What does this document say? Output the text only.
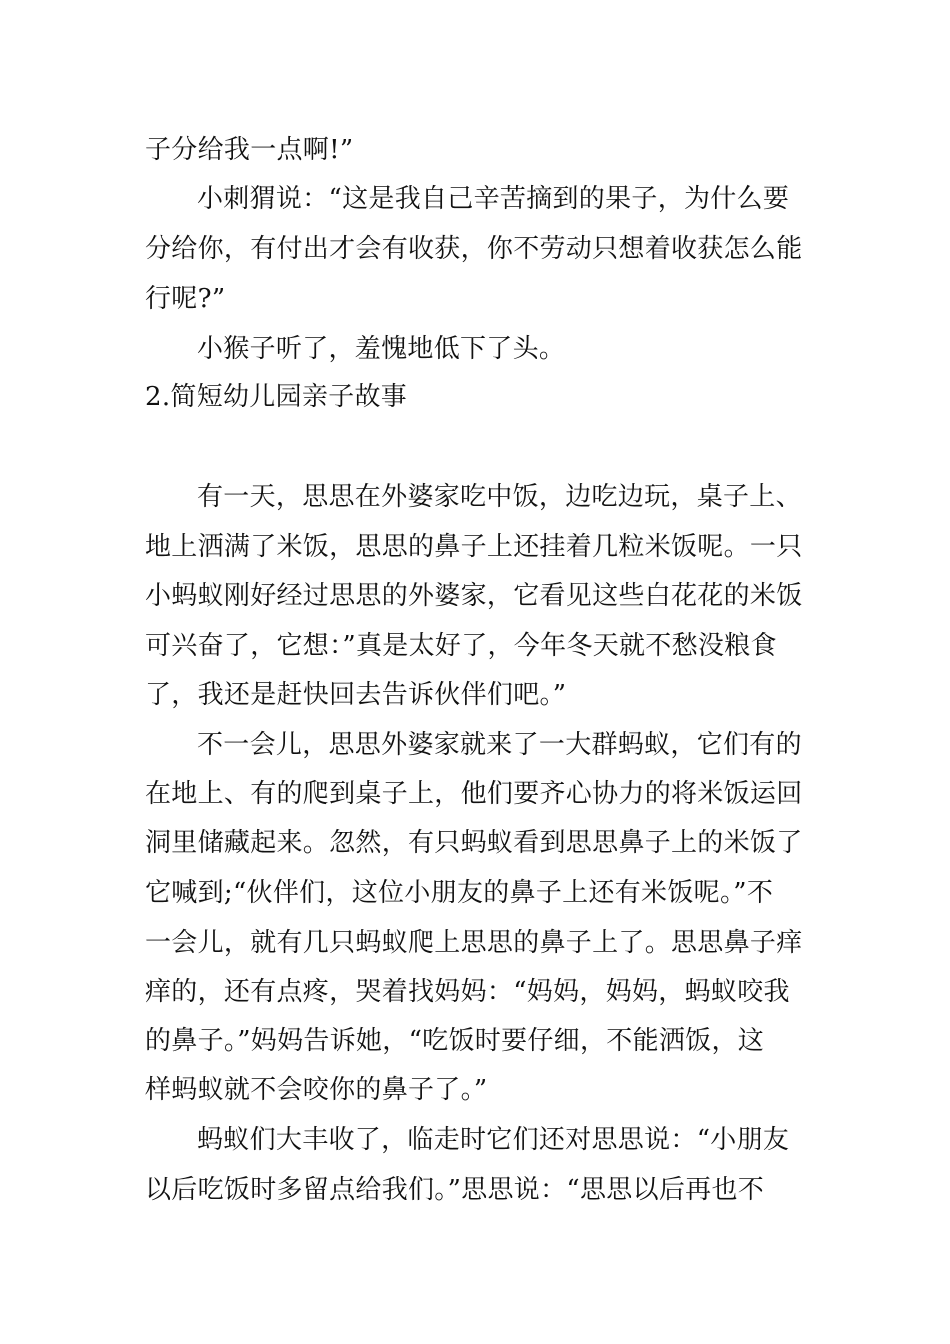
子分给我一点啊!”
小刺猬说：“这是我自己辛苦摘到的果子，为什么要
分给你，有付出才会有收获，你不劳动只想着收获怎么能
行呢?”
小猴子听了，羞愧地低下了头。
2.简短幼儿园亲子故事
有一天，思思在外婆家吃中饭，边吃边玩，桌子上、
地上洒满了米饭，思思的鼻子上还挂着几粒米饭呢。一只
小蚂蚁刚好经过思思的外婆家，它看见这些白花花的米饭
可兴奋了，它想：”真是太好了，今年冬天就不愁没粮食
了，我还是赶快回去告诉伙伴们吧。”
不一会儿，思思外婆家就来了一大群蚂蚁，它们有的
在地上、有的爬到桌子上，他们要齐心协力的将米饭运回
洞里储藏起来。忽然，有只蚂蚁看到思思鼻子上的米饭了
它喊到;“伙伴们，这位小朋友的鼻子上还有米饭呢。”不
一会儿，就有几只蚂蚁爬上思思的鼻子上了。思思鼻子痒
痒的，还有点疼，哭着找妈妈：“妈妈，妈妈，蚂蚁咬我
的鼻子。”妈妈告诉她，“吃饭时要仔细，不能洒饭，这
样蚂蚁就不会咬你的鼻子了。”
蚂蚁们大丰收了，临走时它们还对思思说：“小朋友
以后吃饭时多留点给我们。”思思说：“思思以后再也不
